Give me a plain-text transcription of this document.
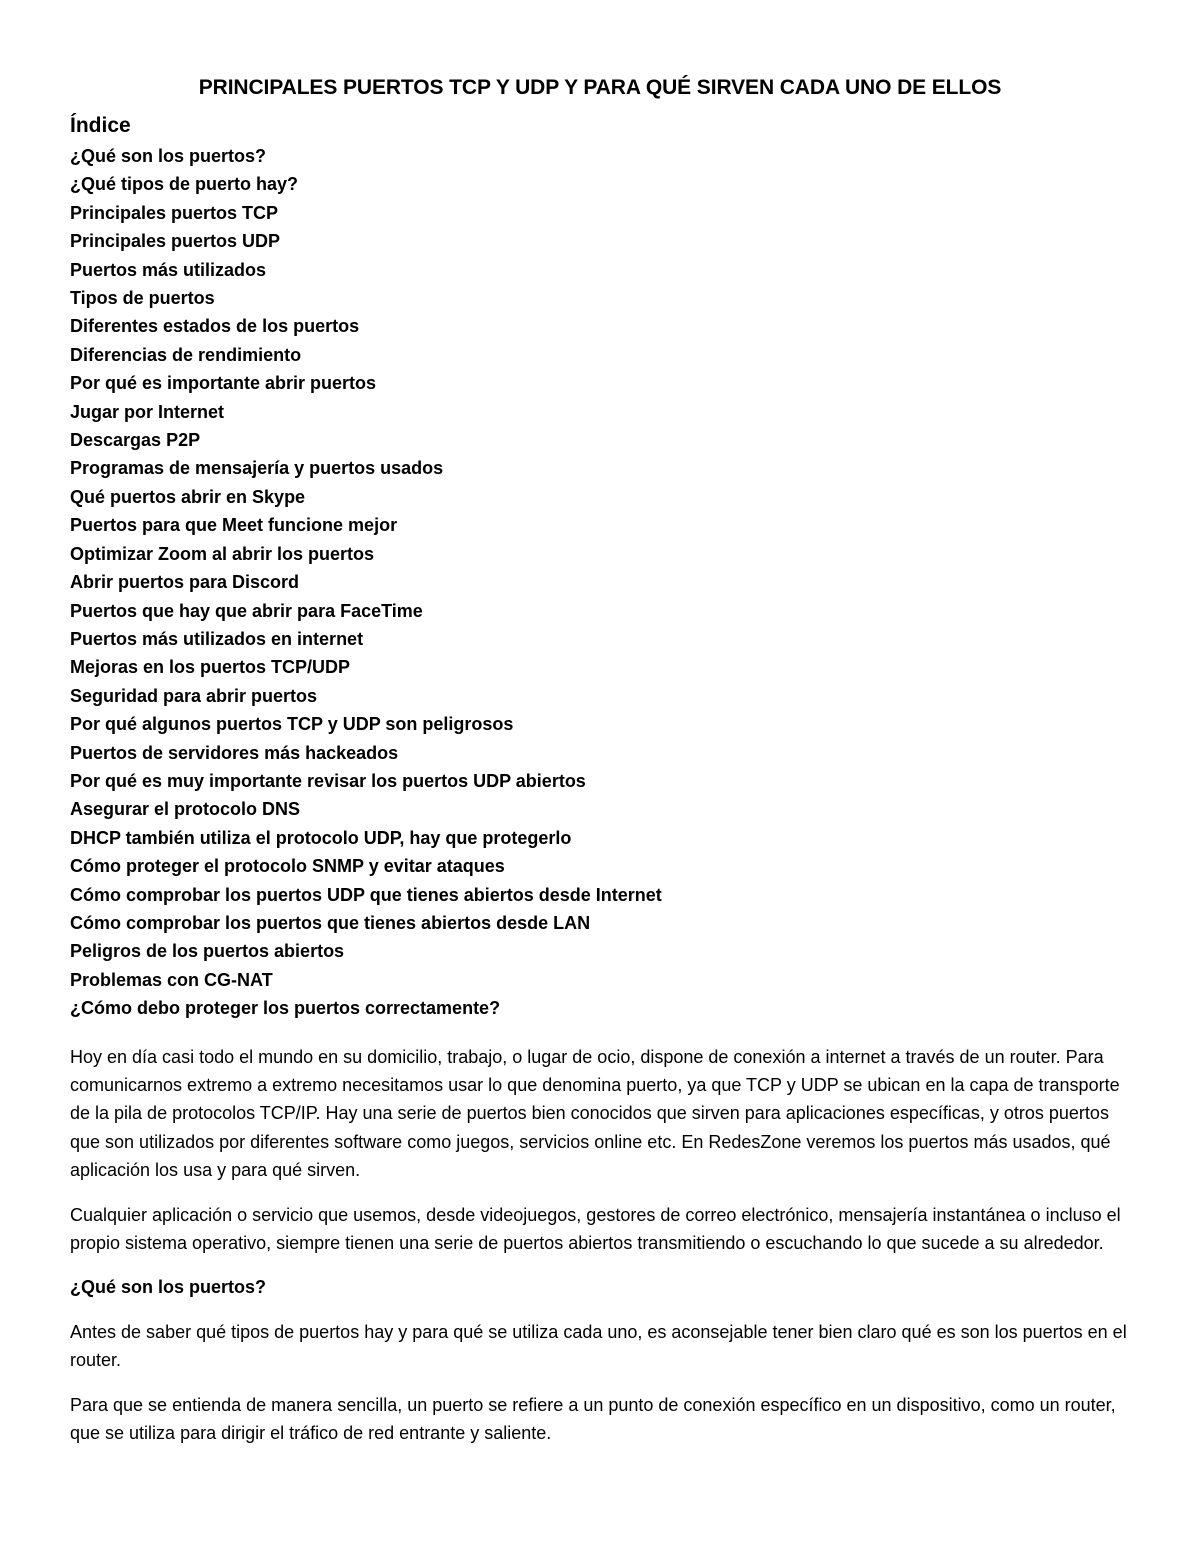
PRINCIPALES PUERTOS TCP Y UDP Y PARA QUÉ SIRVEN CADA UNO DE ELLOS
Índice
¿Qué son los puertos?
¿Qué tipos de puerto hay?
Principales puertos TCP
Principales puertos UDP
Puertos más utilizados
Tipos de puertos
Diferentes estados de los puertos
Diferencias de rendimiento
Por qué es importante abrir puertos
Jugar por Internet
Descargas P2P
Programas de mensajería y puertos usados
Qué puertos abrir en Skype
Puertos para que Meet funcione mejor
Optimizar Zoom al abrir los puertos
Abrir puertos para Discord
Puertos que hay que abrir para FaceTime
Puertos más utilizados en internet
Mejoras en los puertos TCP/UDP
Seguridad para abrir puertos
Por qué algunos puertos TCP y UDP son peligrosos
Puertos de servidores más hackeados
Por qué es muy importante revisar los puertos UDP abiertos
Asegurar el protocolo DNS
DHCP también utiliza el protocolo UDP, hay que protegerlo
Cómo proteger el protocolo SNMP y evitar ataques
Cómo comprobar los puertos UDP que tienes abiertos desde Internet
Cómo comprobar los puertos que tienes abiertos desde LAN
Peligros de los puertos abiertos
Problemas con CG-NAT
¿Cómo debo proteger los puertos correctamente?

Hoy en día casi todo el mundo en su domicilio, trabajo, o lugar de ocio, dispone de conexión a internet a través de un router. Para comunicarnos extremo a extremo necesitamos usar lo que denomina puerto, ya que TCP y UDP se ubican en la capa de transporte de la pila de protocolos TCP/IP. Hay una serie de puertos bien conocidos que sirven para aplicaciones específicas, y otros puertos que son utilizados por diferentes software como juegos, servicios online etc. En RedesZone veremos los puertos más usados, qué aplicación los usa y para qué sirven.

Cualquier aplicación o servicio que usemos, desde videojuegos, gestores de correo electrónico, mensajería instantánea o incluso el propio sistema operativo, siempre tienen una serie de puertos abiertos transmitiendo o escuchando lo que sucede a su alrededor.

¿Qué son los puertos?

Antes de saber qué tipos de puertos hay y para qué se utiliza cada uno, es aconsejable tener bien claro qué es son los puertos en el router.

Para que se entienda de manera sencilla, un puerto se refiere a un punto de conexión específico en un dispositivo, como un router, que se utiliza para dirigir el tráfico de red entrante y saliente.
